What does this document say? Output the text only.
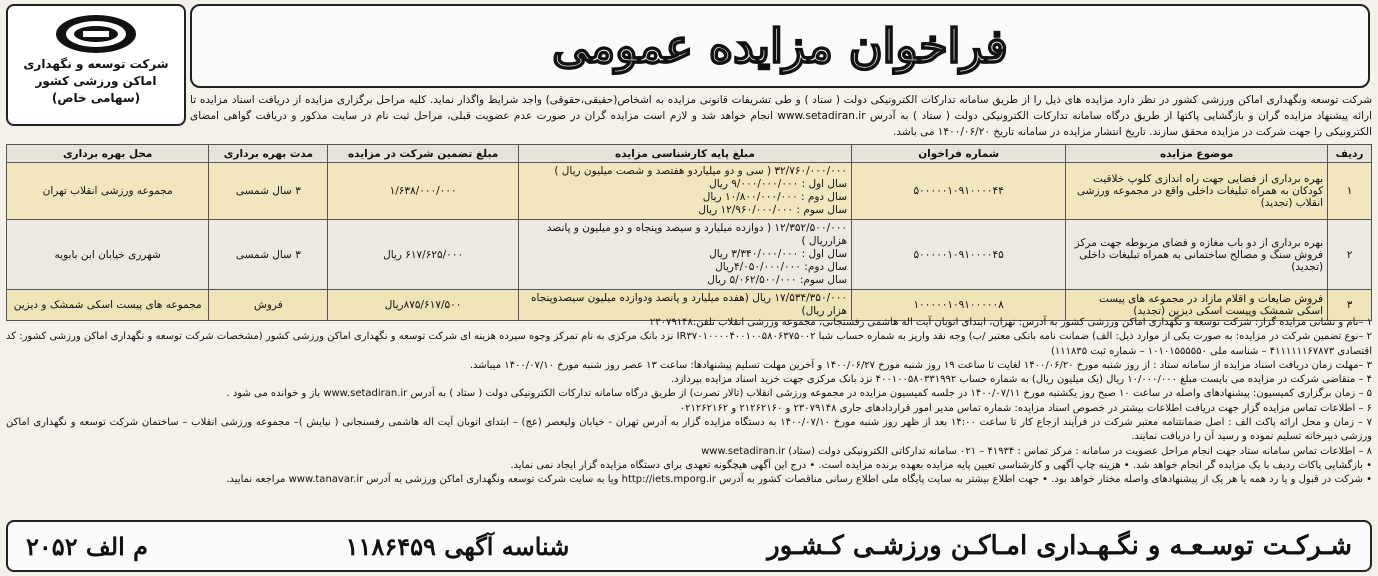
فراخوان مزایده عمومی
شرکت توسعه و نگهداری
اماکن ورزشی کشور
(سهامی خاص)	شرکت توسعه ونگهداری اماکن ورزشی کشور در نظر دارد مزایده های ذیل را از طریق سامانه تدارکات الکترونیکی دولت ( ستاد ) و طی تشریفات قانونی مزایده به اشخاص(حقیقی،حقوقی) واجد شرایط واگذار نماید. کلیه مراحل برگزاری مزایده از دریافت اسناد مزایده تا ارائه پیشنهاد مزایده گران و بازگشایی پاکتها از طریق درگاه سامانه تدارکات الکترونیکی دولت ( ستاد ) به آدرس www.setadiran.ir انجام خواهد شد و لازم است مزایده گران در صورت عدم عضویت قبلی، مراحل ثبت نام در سایت مذکور و دریافت گواهی امضای الکترونیکی را جهت شرکت در مزایده محقق سازند. تاریخ انتشار مزایده در سامانه تاریخ ۱۴۰۰/۰۶/۲۰ می باشد.
ردیف	موضوع مزایده	شماره فراخوان	مبلغ پایه کارشناسی مزایده	مبلغ تضمین شرکت در مزایده	مدت بهره برداری	محل بهره برداری
۱	بهره برداری از فضایی جهت راه اندازی کلوپ خلاقیت کودکان به همراه تبلیغات داخلی واقع در مجموعه ورزشی انقلاب (تجدید)	۵۰۰۰۰۰۱۰۹۱۰۰۰۰۴۴	۳۲/۷۶۰/۰۰۰/۰۰۰ ( سی و دو میلیاردو هفتصد و شصت میلیون ریال )
سال اول : ۹/۰۰۰/۰۰۰/۰۰۰ ریال
سال دوم : ۱۰/۸۰۰/۰۰۰/۰۰۰ ریال
سال سوم : ۱۲/۹۶۰/۰۰۰/۰۰۰ ریال	۱/۶۳۸/۰۰۰/۰۰۰	۳ سال شمسی	مجموعه ورزشی انقلاب تهران
۲	بهره برداری از دو باب مغازه و فضای مربوطه جهت مرکز فروش سنگ و مصالح ساختمانی به همراه تبلیغات داخلی (تجدید)	۵۰۰۰۰۰۱۰۹۱۰۰۰۰۴۵	۱۲/۳۵۲/۵۰۰/۰۰۰ ( دوازده میلیارد و سیصد وپنجاه و دو میلیون و پانصد هزارریال )
سال اول : ۳/۳۴۰/۰۰۰/۰۰۰ ریال
سال دوم: ۴/۰۵۰/۰۰۰/۰۰۰ریال
سال سوم: ۵/۰۶۲/۵۰۰/۰۰۰ ریال	۶۱۷/۶۲۵/۰۰۰ ریال	۳ سال شمسی	شهرری خیابان ابن بابویه
۳	فروش ضایعات و اقلام مازاد در مجموعه های پیست اسکی شمشک وپیست اسکی دیزین (تجدید)	۱۰۰۰۰۰۱۰۹۱۰۰۰۰۰۸	۱۷/۵۳۴/۳۵۰/۰۰۰ ریال (هفده میلیارد و پانصد ودوازده میلیون سیصدوپنجاه هزار ریال)	۸۷۵/۶۱۷/۵۰۰ریال	فروش	مجموعه های پیست اسکی شمشک و دیزین

۱ –نام و نشانی مزایده گزار: شرکت توسعه و نگهداری اماکن ورزشی کشور به آدرس: تهران، ابتدای اتوبان آیت اله هاشمی رفسنجانی، مجموعه ورزشی انقلاب تلفن:۲۳۰۷۹۱۴۸

۲ –نوع تضمین شرکت در مزایده: به صورت یکی از موارد ذیل: الف) ضمانت نامه بانکی معتبر /ب) وجه نقد واریز به شماره حساب شبا IR۳۷۰۱۰۰۰۰۴۰۰۱۰۰۵۸۰۶۳۷۵۰۰۲ نزد بانک مرکزی به نام تمرکز وجوه سپرده هزینه ای شرکت توسعه و نگهداری اماکن ورزشی کشور (مشخصات شرکت توسعه و نگهداری اماکن ورزشی کشور: کد اقتصادی ۴۱۱۱۱۱۱۶۷۸۷۳ – شناسه ملی ۱۰۱۰۱۵۵۵۵۵۰ – شماره ثبت ۱۱۱۸۳۵)

۳ –مهلت زمان دریافت اسناد مزایده از سامانه ستاد : از روز شنبه مورخ ۱۴۰۰/۰۶/۲۰ لغایت تا ساعت ۱۹ روز شنبه مورخ ۱۴۰۰/۰۶/۲۷ و آخرین مهلت تسلیم پیشنهادها: ساعت ۱۳ عصر روز شنبه مورخ ۱۴۰۰/۰۷/۱۰ میباشد.

۴ – متقاضی شرکت در مزایده می بایست مبلغ ۱۰/۰۰۰/۰۰۰ ریال (یک میلیون ریال) به شماره حساب ۴۰۰۱۰۰۵۸۰۳۳۱۹۹۲ نزد بانک مرکزی جهت خرید اسناد مزایده بپردازد.

۵ – زمان برگزاری کمیسیون: پیشنهادهای واصله در ساعت ۱۰ صبح روز یکشنبه مورخ ۱۴۰۰/۰۷/۱۱ در جلسه کمیسیون مزایده در مجموعه ورزشی انقلاب (تالار نصرت) از طریق درگاه سامانه تدارکات الکترونیکی دولت ( ستاد ) به آدرس www.setadiran.ir باز و خوانده می شود .

۶ – اطلاعات تماس مزایده گزار جهت دریافت اطلاعات بیشتر در خصوص اسناد مزایده: شماره تماس مدیر امور قراردادهای جاری ۲۳۰۷۹۱۴۸ و ۲۱۲۶۲۱۶۰ و ۰۲۱۲۶۲۱۶۲

۷ – زمان و محل ارائه پاکت الف : اصل ضمانتنامه معتبر شرکت در فرآیند ارجاع کار تا ساعت ۱۴:۰۰ بعد از ظهر روز شنبه مورخ ۱۴۰۰/۰۷/۱۰ به دستگاه مزایده گزار به آدرس تهران - خیابان ولیعصر (عج) – ابتدای اتوبان آیت اله هاشمی رفسنجانی ( نیایش )– مجموعه ورزشی انقلاب – ساختمان شرکت توسعه و نگهداری اماکن ورزشی دبیرخانه تسلیم نموده و رسید آن را دریافت نمایند.

۸ – اطلاعات تماس سامانه ستاد جهت انجام مراحل عضویت در سامانه : مرکز تماس : ۴۱۹۳۴ – ۰۲۱ سامانه تدارکاتی الکترونیکی دولت (ستاد) www.setadiran.ir

• بازگشایی پاکات ردیف با یک مزایده گر انجام خواهد شد. • هزینه چاپ آگهی و کارشناسی تعیین پایه مزایده بعهده برنده مزایده است. • درج این آگهی هیچگونه تعهدی برای دستگاه مزایده گزار ایجاد نمی نماید.

• شرکت در قبول و یا رد همه یا هر یک از پیشنهادهای واصله مختار خواهد بود. • جهت اطلاع بیشتر به سایت پایگاه ملی اطلاع رسانی مناقصات کشور به آدرس http://iets.mporg.ir ویا به سایت شرکت توسعه ونگهداری اماکن ورزشی به آدرس www.tanavar.ir مراجعه نمایید.

شـرکـت توسـعـه و نگـهـداری امـاکـن ورزشـی کـشـور
شناسه آگهی ۱۱۸۶۴۵۹
م الف ۲۰۵۲
